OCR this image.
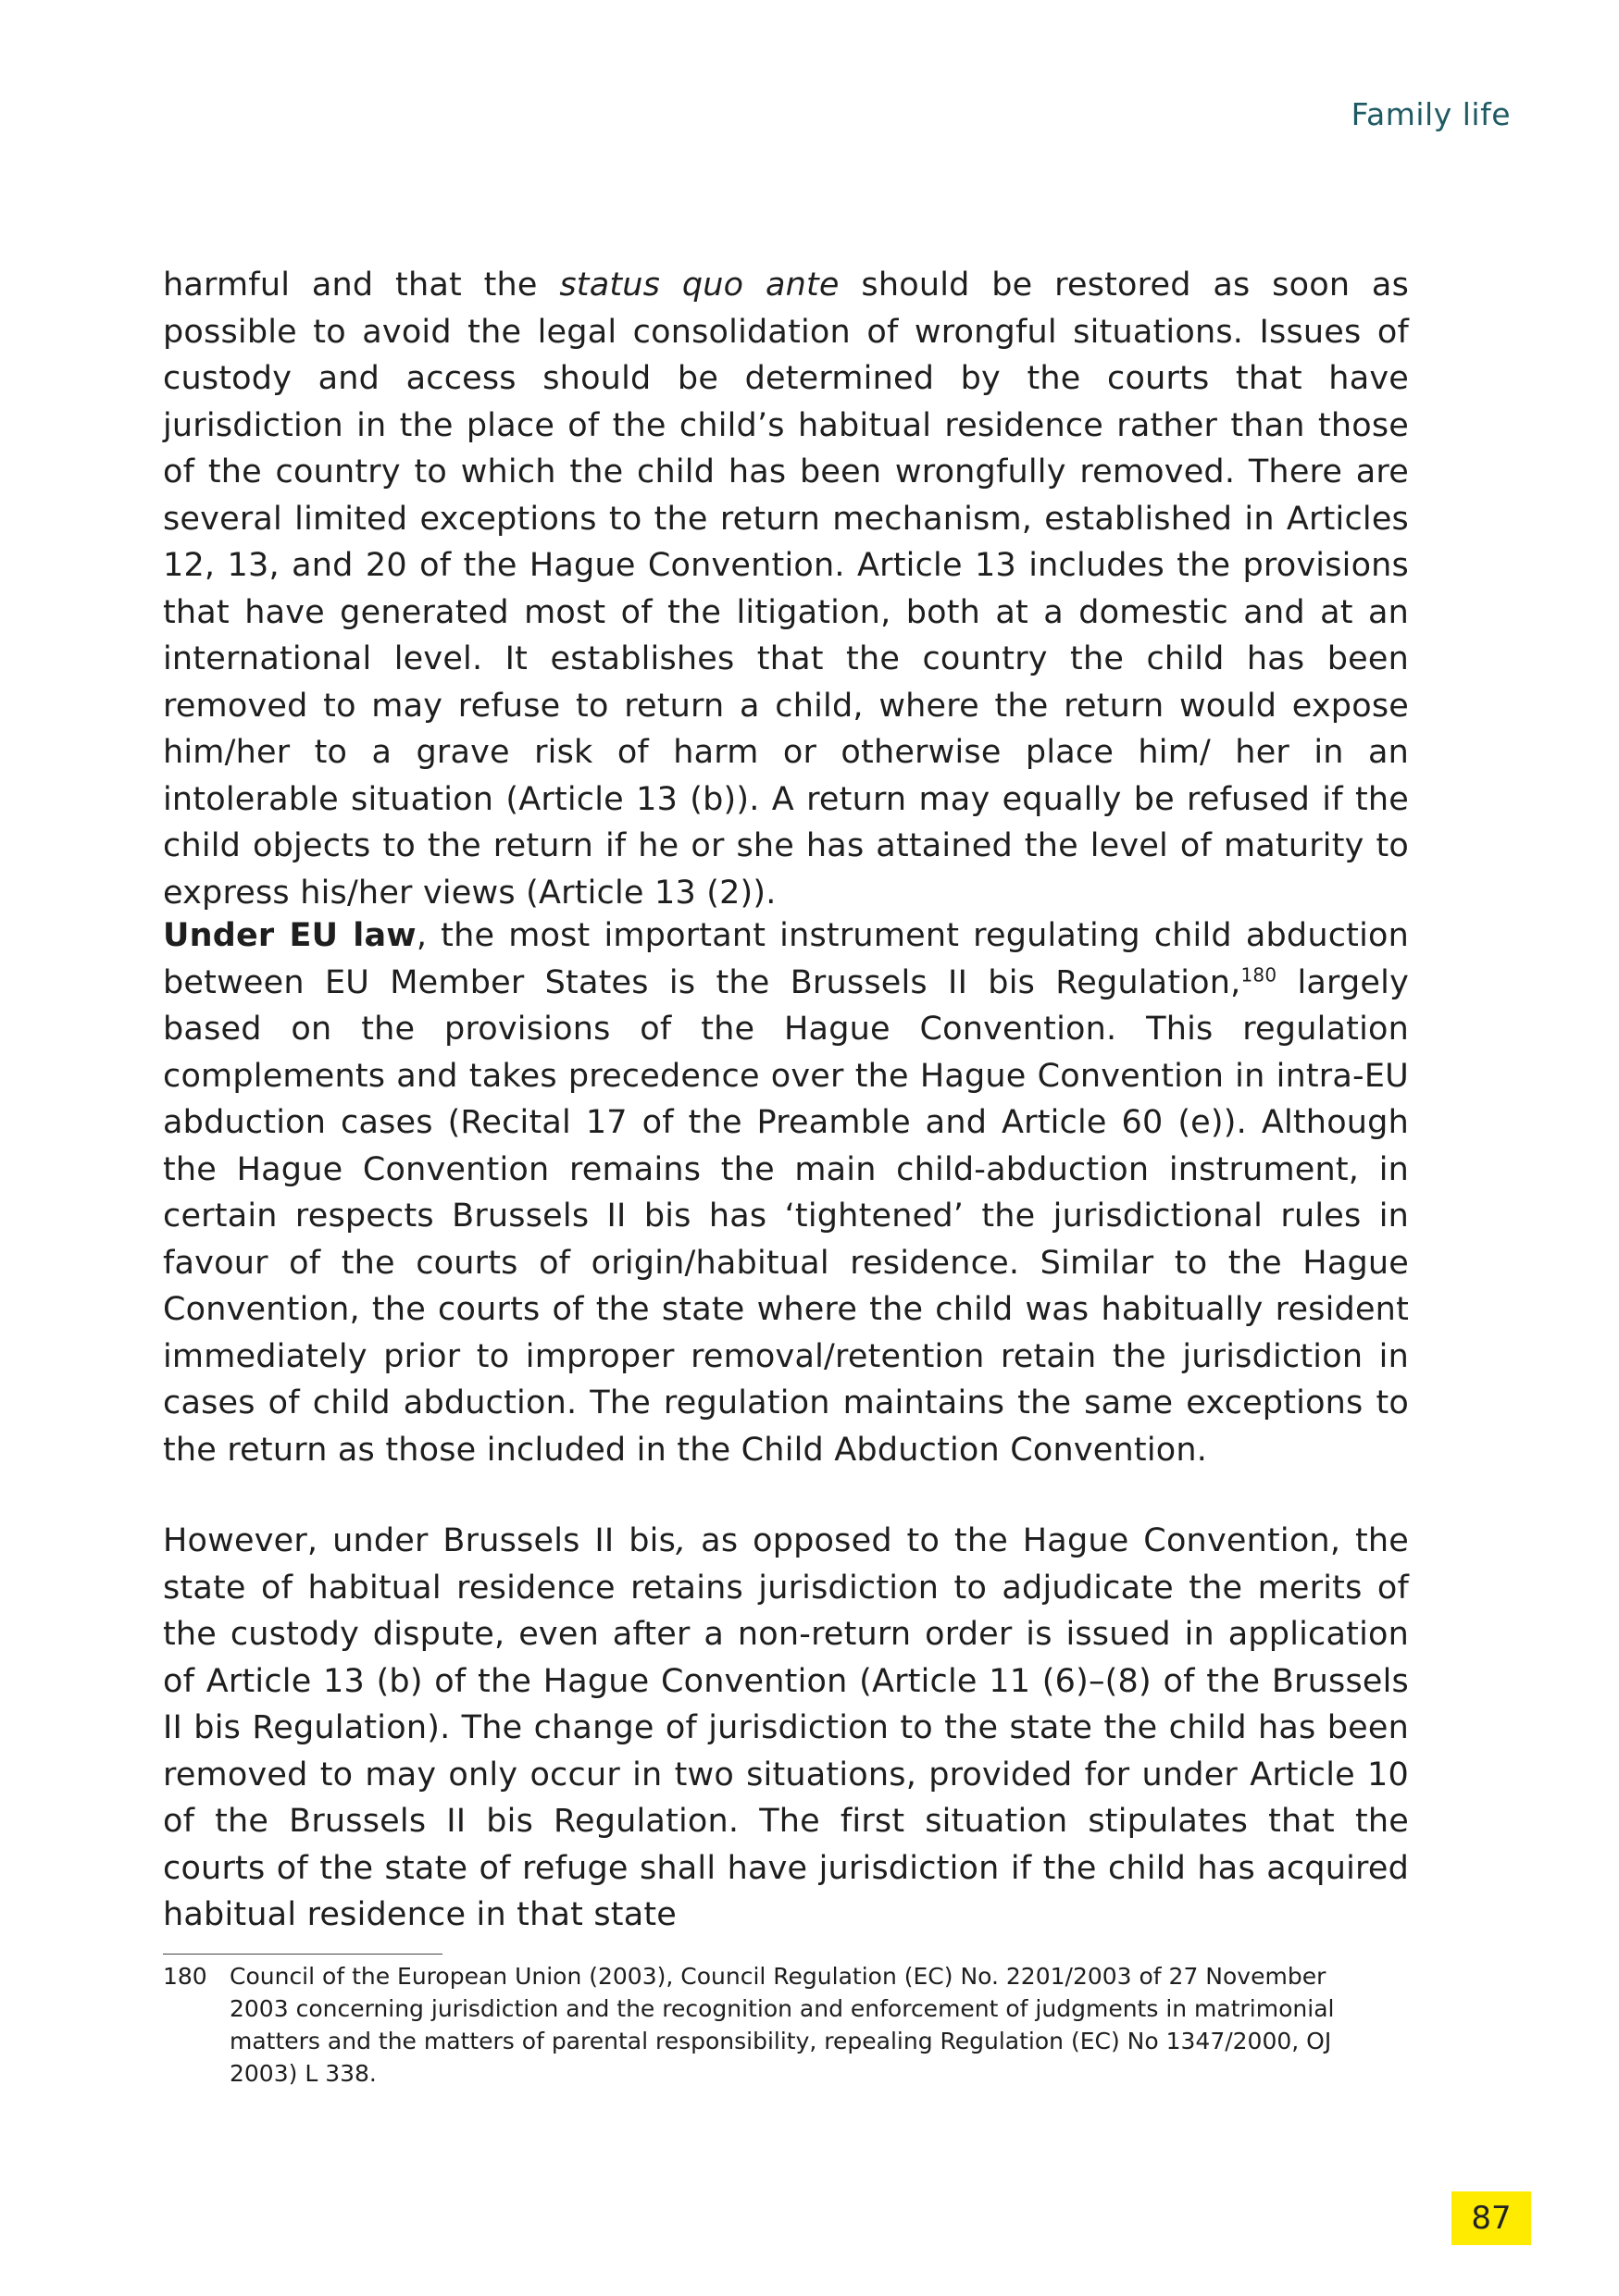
Family life
harmful and that the status quo ante should be restored as soon as possible to avoid the legal consolidation of wrongful situations. Issues of custody and access should be determined by the courts that have jurisdiction in the place of the child’s habitual residence rather than those of the country to which the child has been wrongfully removed. There are several limited exceptions to the return mechanism, established in Articles 12, 13, and 20 of the Hague Convention. Article 13 includes the provisions that have generated most of the litigation, both at a domestic and at an international level. It establishes that the country the child has been removed to may refuse to return a child, where the return would expose him/her to a grave risk of harm or otherwise place him/ her in an intolerable situation (Article 13 (b)). A return may equally be refused if the child objects to the return if he or she has attained the level of maturity to express his/her views (Article 13 (2)).
Under EU law, the most important instrument regulating child abduction between EU Member States is the Brussels II bis Regulation,$^{180}$ largely based on the provisions of the Hague Convention. This regulation complements and takes precedence over the Hague Convention in intra-EU abduction cases (Recital 17 of the Preamble and Article 60 (e)). Although the Hague Convention remains the main child-abduction instrument, in certain respects Brussels II bis has ‘tightened’ the jurisdictional rules in favour of the courts of origin/habitual residence. Similar to the Hague Convention, the courts of the state where the child was habitually resident immediately prior to improper removal/retention retain the jurisdiction in cases of child abduction. The regulation maintains the same exceptions to the return as those included in the Child Abduction Convention.
However, under Brussels II bis, as opposed to the Hague Convention, the state of habitual residence retains jurisdiction to adjudicate the merits of the custody dispute, even after a non-return order is issued in application of Article 13 (b) of the Hague Convention (Article 11 (6)–(8) of the Brussels II bis Regulation). The change of jurisdiction to the state the child has been removed to may only occur in two situations, provided for under Article 10 of the Brussels II bis Regulation. The first situation stipulates that the courts of the state of refuge shall have jurisdiction if the child has acquired habitual residence in that state
180 Council of the European Union (2003), Council Regulation (EC) No. 2201/2003 of 27 November 2003 concerning jurisdiction and the recognition and enforcement of judgments in matrimonial matters and the matters of parental responsibility, repealing Regulation (EC) No 1347/2000, OJ 2003) L 338.
87
